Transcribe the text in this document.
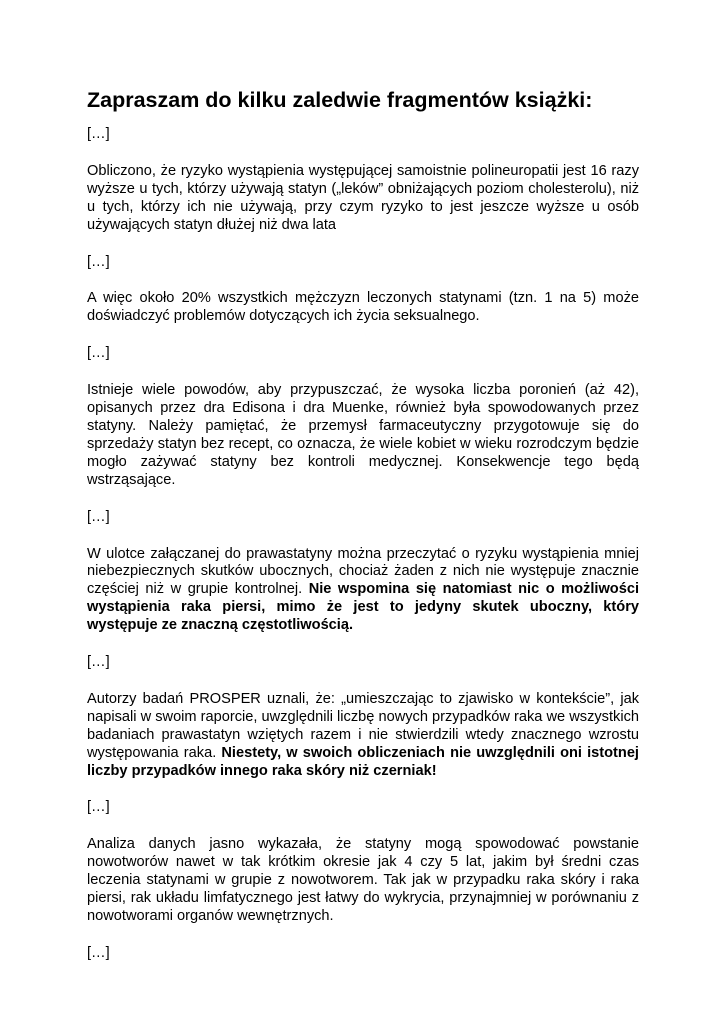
Zapraszam do kilku zaledwie fragmentów książki:
[…]

Obliczono, że ryzyko wystąpienia występującej samoistnie polineuropatii jest 16 razy wyższe u tych, którzy używają statyn („leków” obniżających poziom cholesterolu), niż u tych, którzy ich nie używają, przy czym ryzyko to jest jeszcze wyższe u osób używających statyn dłużej niż dwa lata

[…]

A więc około 20% wszystkich mężczyzn leczonych statynami (tzn. 1 na 5) może doświadczyć problemów dotyczących ich życia seksualnego.

[…]

Istnieje wiele powodów, aby przypuszczać, że wysoka liczba poronień (aż 42), opisanych przez dra Edisona i dra Muenke, również była spowodowanych przez statyny. Należy pamiętać, że przemysł farmaceutyczny przygotowuje się do sprzedaży statyn bez recept, co oznacza, że wiele kobiet w wieku rozrodczym będzie mogło zażywać statyny bez kontroli medycznej. Konsekwencje tego będą wstrząsające.

[…]

W ulotce załączanej do prawastatyny można przeczytać o ryzyku wystąpienia mniej niebezpiecznych skutków ubocznych, chociaż żaden z nich nie występuje znacznie częściej niż w grupie kontrolnej. Nie wspomina się natomiast nic o możliwości wystąpienia raka piersi, mimo że jest to jedyny skutek uboczny, który występuje ze znaczną częstotliwością.

[…]

Autorzy badań PROSPER uznali, że: „umieszczając to zjawisko w kontekście”, jak napisali w swoim raporcie, uwzględnili liczbę nowych przypadków raka we wszystkich badaniach prawastatyn wziętych razem i nie stwierdzili wtedy znacznego wzrostu występowania raka. Niestety, w swoich obliczeniach nie uwzględnili oni istotnej liczby przypadków innego raka skóry niż czerniak!

[…]

Analiza danych jasno wykazała, że statyny mogą spowodować powstanie nowotworów nawet w tak krótkim okresie jak 4 czy 5 lat, jakim był średni czas leczenia statynami w grupie z nowotworem. Tak jak w przypadku raka skóry i raka piersi, rak układu limfatycznego jest łatwy do wykrycia, przynajmniej w porównaniu z nowotworami organów wewnętrznych.

[…]
